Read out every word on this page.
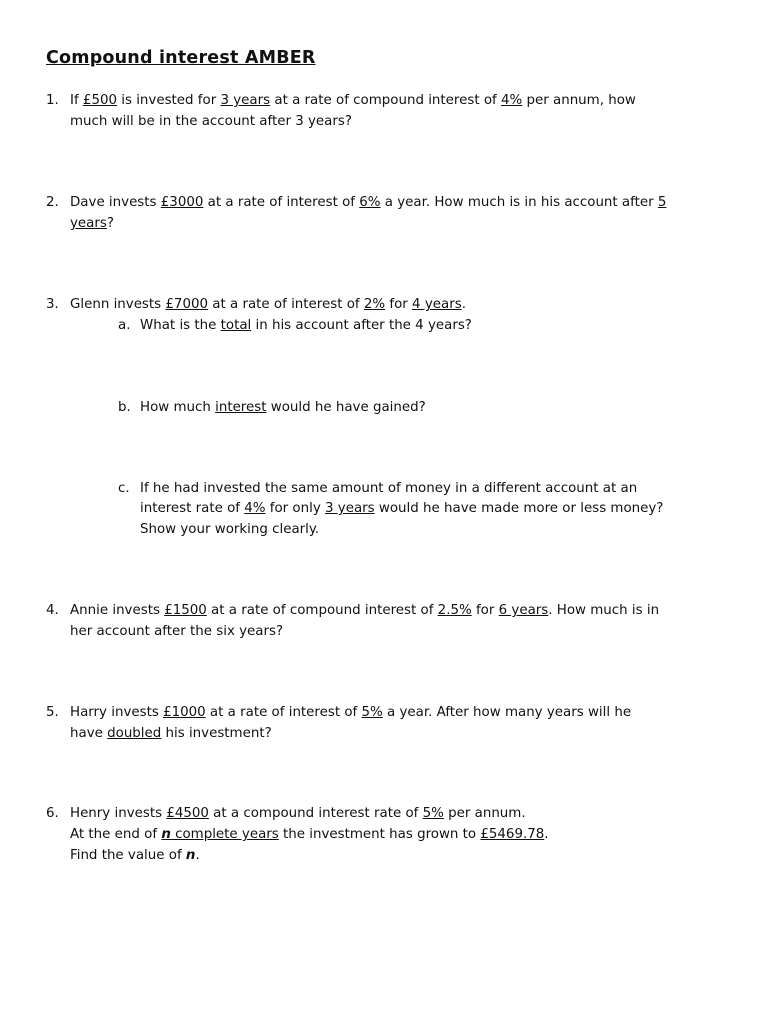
Compound interest AMBER
1. If £500 is invested for 3 years at a rate of compound interest of 4% per annum, how
much will be in the account after 3 years?
2. Dave invests £3000 at a rate of interest of 6% a year. How much is in his account after 5
years?
3. Glenn invests £7000 at a rate of interest of 2% for 4 years.
a. What is the total in his account after the 4 years?
b. How much interest would he have gained?
c. If he had invested the same amount of money in a different account at an
interest rate of 4% for only 3 years would he have made more or less money?
Show your working clearly.
4. Annie invests £1500 at a rate of compound interest of 2.5% for 6 years. How much is in
her account after the six years?
5. Harry invests £1000 at a rate of interest of 5% a year. After how many years will he
have doubled his investment?
6. Henry invests £4500 at a compound interest rate of 5% per annum.
At the end of n complete years the investment has grown to £5469.78.
Find the value of n.
